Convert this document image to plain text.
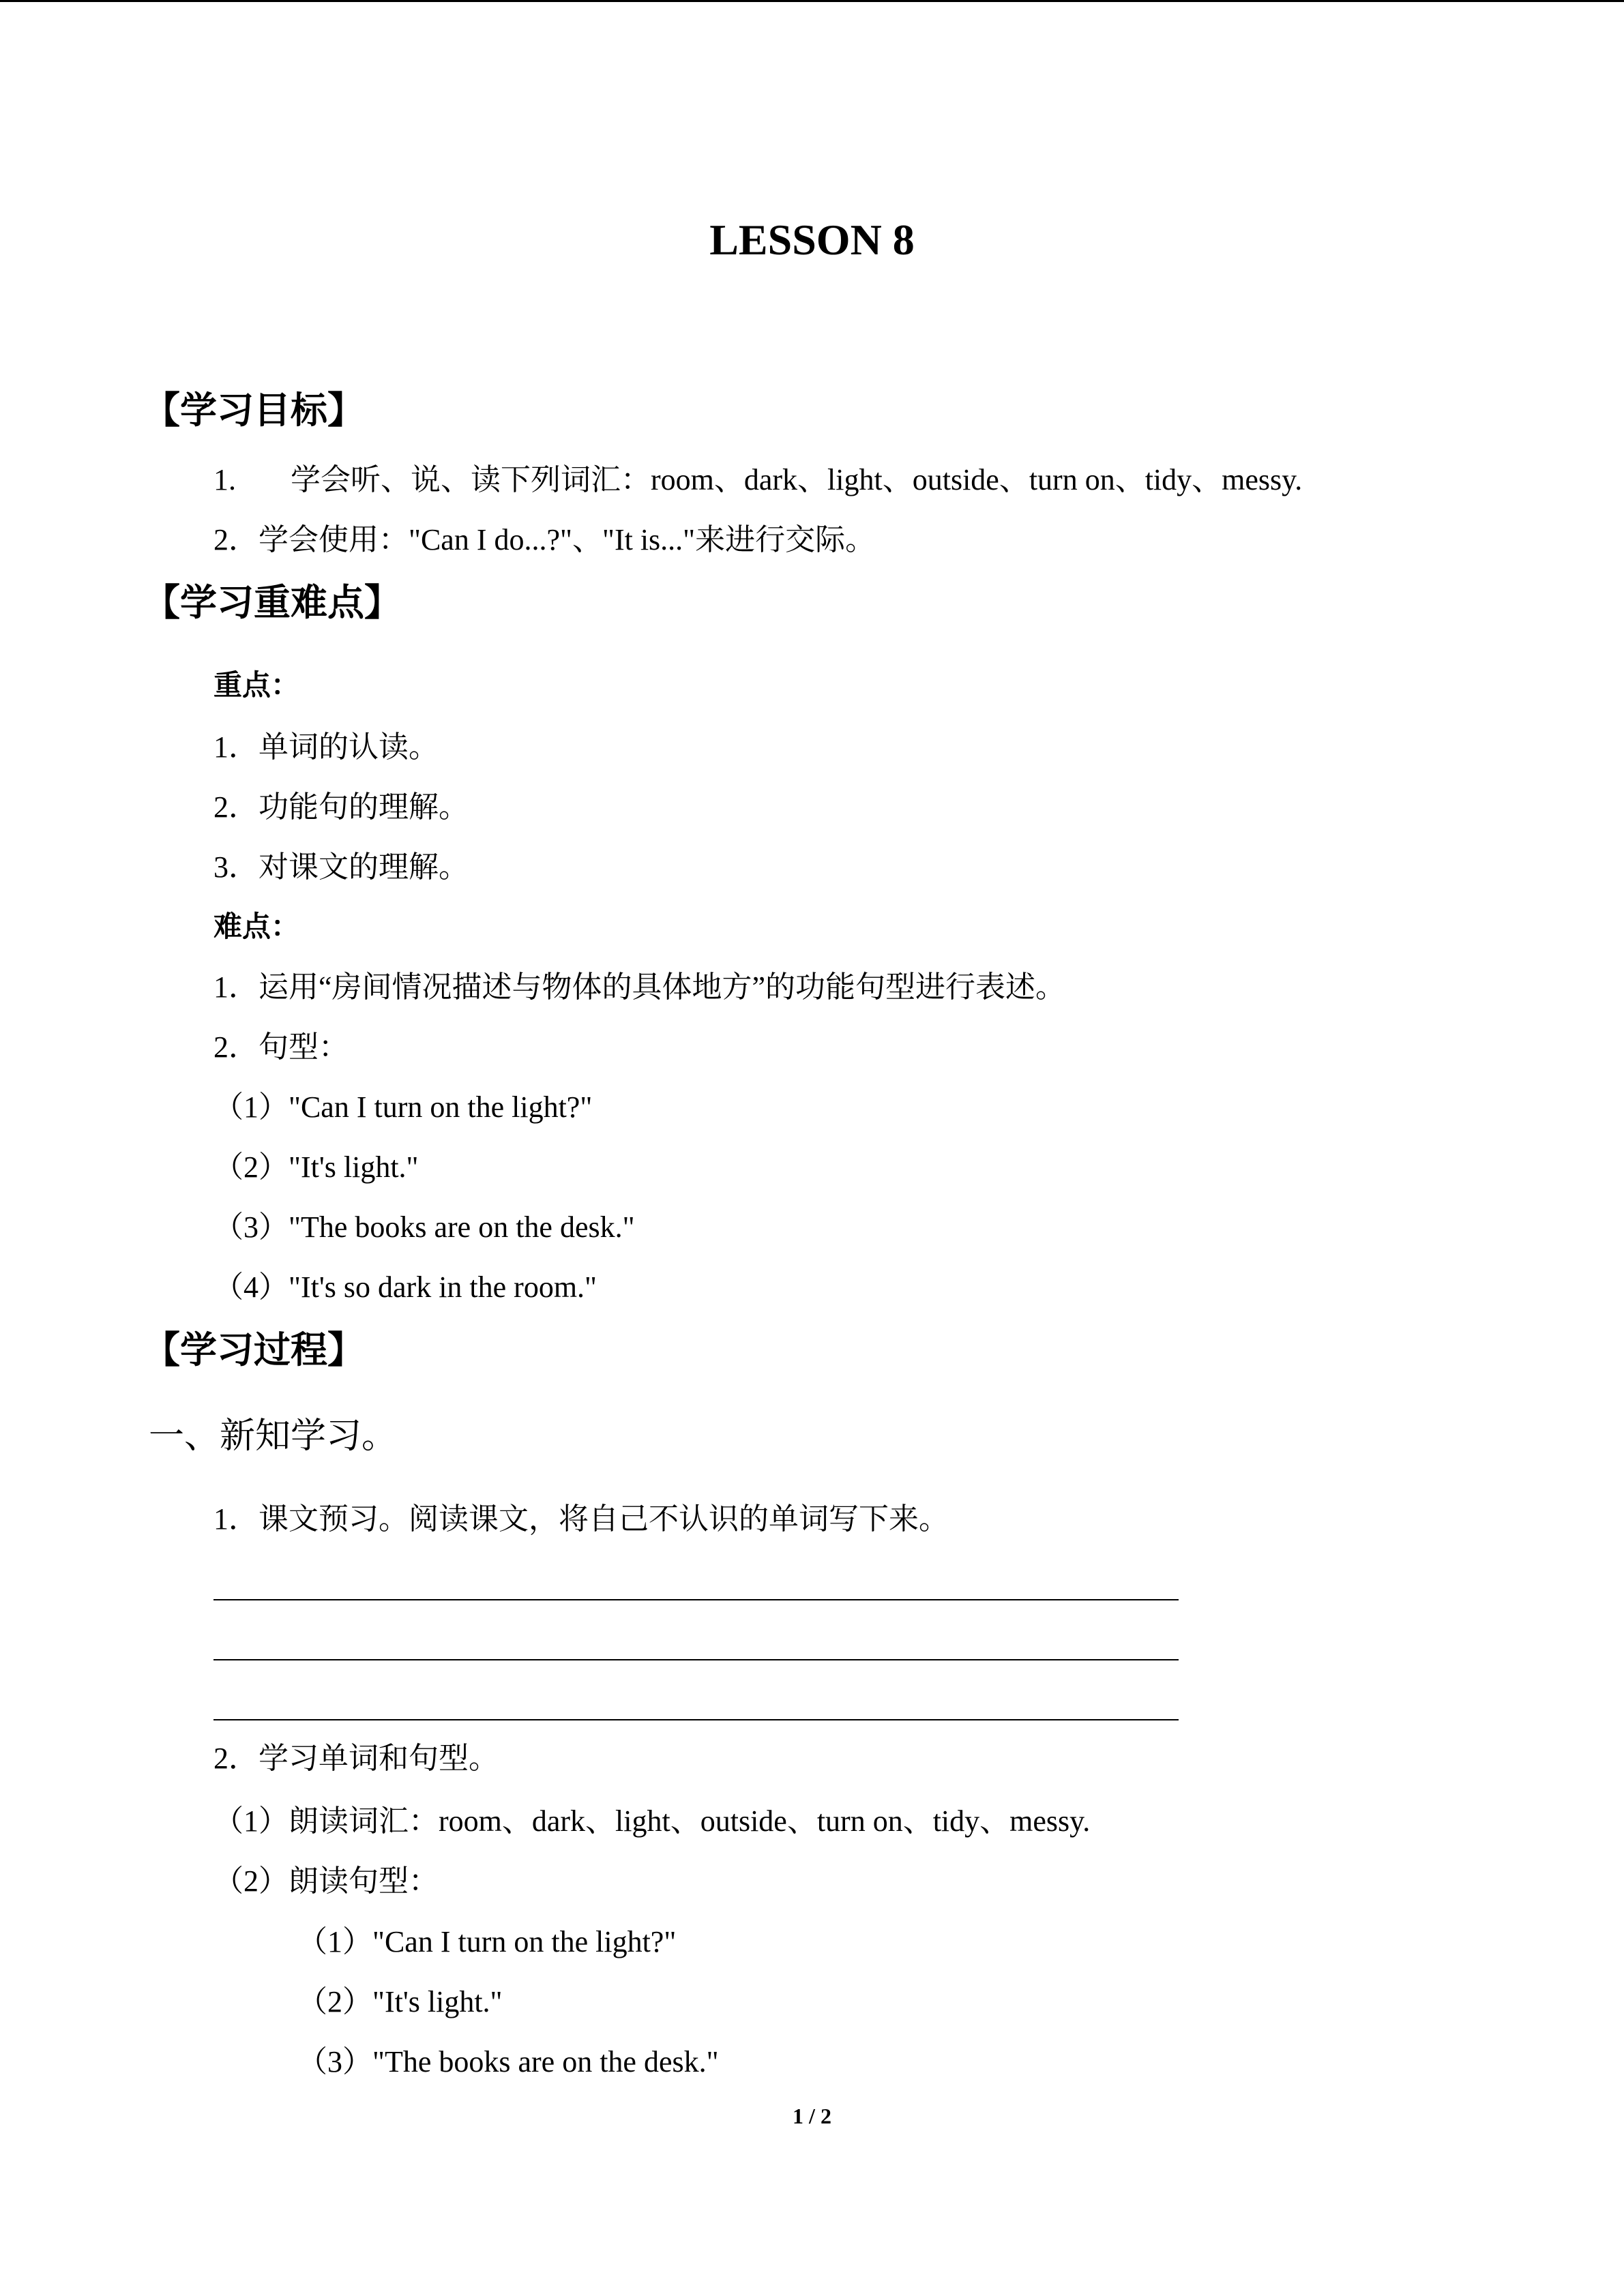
LESSON 8
【学习目标】
1. 学会听、说、读下列词汇：room、dark、light、outside、turn on、tidy、messy.
2．学会使用："Can I do...?"、"It is..."来进行交际。
【学习重难点】
重点：
1．单词的认读。
2．功能句的理解。
3．对课文的理解。
难点：
1．运用“房间情况描述与物体的具体地方”的功能句型进行表述。
2．句型：
（1）"Can I turn on the light?"
（2）"It's light."
（3）"The books are on the desk."
（4）"It's so dark in the room."
【学习过程】
一、新知学习。
1．课文预习。阅读课文，将自己不认识的单词写下来。
2．学习单词和句型。
（1）朗读词汇：room、dark、light、outside、turn on、tidy、messy.
（2）朗读句型：
（1）"Can I turn on the light?"
（2）"It's light."
（3）"The books are on the desk."
1 / 2
